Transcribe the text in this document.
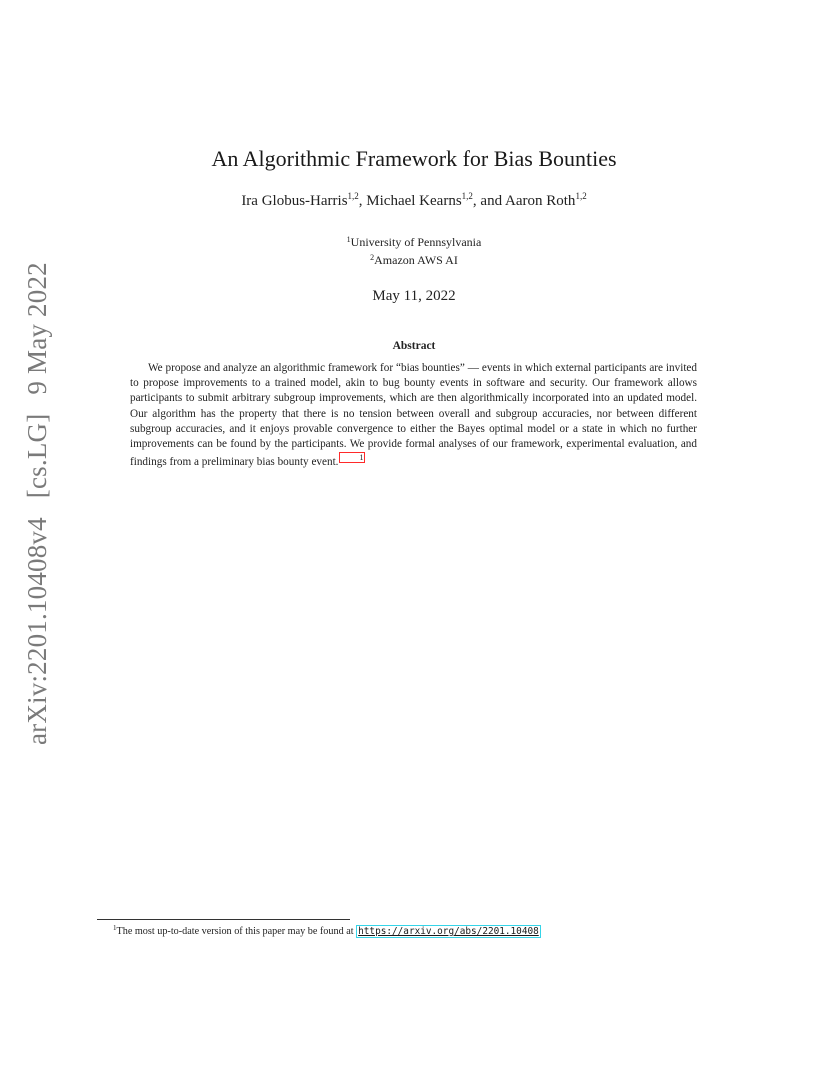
arXiv:2201.10408v4 [cs.LG] 9 May 2022
An Algorithmic Framework for Bias Bounties
Ira Globus-Harris$^{1,2}$, Michael Kearns$^{1,2}$, and Aaron Roth$^{1,2}$
$^1$University of Pennsylvania
$^2$Amazon AWS AI
May 11, 2022
Abstract
We propose and analyze an algorithmic framework for “bias bounties” — events in which external participants are invited to propose improvements to a trained model, akin to bug bounty events in software and security. Our framework allows participants to submit arbitrary subgroup improvements, which are then algorithmically incorporated into an updated model. Our algorithm has the property that there is no tension between overall and subgroup accuracies, nor between different subgroup accuracies, and it enjoys provable convergence to either the Bayes optimal model or a state in which no further improvements can be found by the participants. We provide formal analyses of our framework, experimental evaluation, and findings from a preliminary bias bounty event.	1
$^1$The most up-to-date version of this paper may be found at https://arxiv.org/abs/2201.10408
